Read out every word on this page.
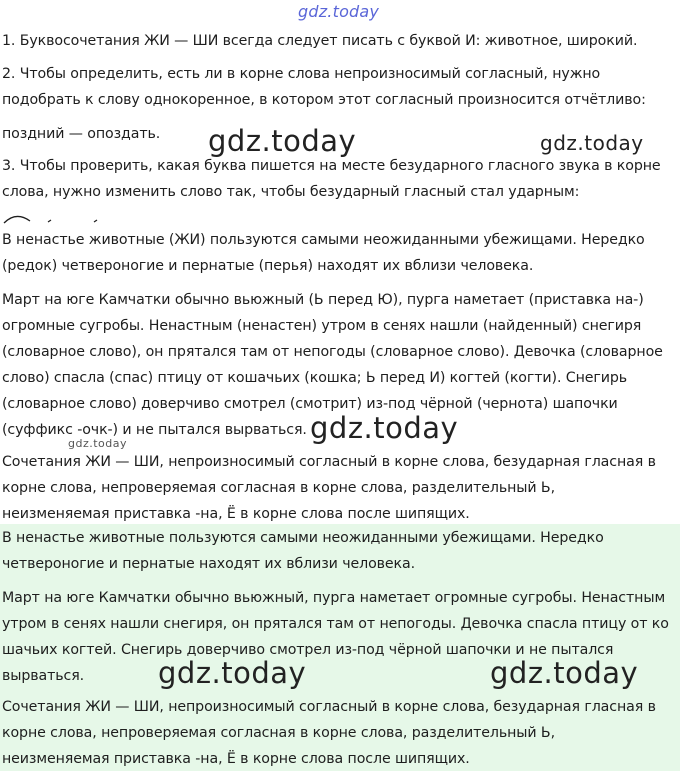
gdz.today
1. Буквосочетания ЖИ — ШИ всегда следует писать с буквой И: животное, широкий.
2. Чтобы определить, есть ли в корне слова непроизносимый согласный, нужно
подобрать к слову однокоренное, в котором этот согласный произносится отчётливо:
поздний — опоздать.
3. Чтобы проверить, какая буква пишется на месте безударного гласного звука в корне
слова, нужно изменить слово так, чтобы безударный гласный стал ударным:
В ненастье животные (ЖИ) пользуются самыми неожиданными убежищами. Нередко
(редок) четвероногие и пернатые (перья) находят их вблизи человека.
Март на юге Камчатки обычно вьюжный (Ь перед Ю), пурга наметает (приставка на-)
огромные сугробы. Ненастным (ненастен) утром в сенях нашли (найденный) снегиря
(словарное слово), он прятался там от непогоды (словарное слово). Девочка (словарное
слово) спасла (спас) птицу от кошачьих (кошка; Ь перед И) когтей (когти). Снегирь
(словарное слово) доверчиво смотрел (смотрит) из-под чёрной (чернота) шапочки
(суффикс -очк-) и не пытался вырваться.
Сочетания ЖИ — ШИ, непроизносимый согласный в корне слова, безударная гласная в
корне слова, непроверяемая согласная в корне слова, разделительный Ь,
неизменяемая приставка -на, Ё в корне слова после шипящих.
В ненастье животные пользуются самыми неожиданными убежищами. Нередко
четвероногие и пернатые находят их вблизи человека.
Март на юге Камчатки обычно вьюжный, пурга наметает огромные сугробы. Ненастным
утром в сенях нашли снегиря, он прятался там от непогоды. Девочка спасла птицу от ко
шачьих когтей. Снегирь доверчиво смотрел из-под чёрной шапочки и не пытался
вырваться.
Сочетания ЖИ — ШИ, непроизносимый согласный в корне слова, безударная гласная в
корне слова, непроверяемая согласная в корне слова, разделительный Ь,
неизменяемая приставка -на, Ё в корне слова после шипящих.
gdz.today	gdz.today
gdz.today
gdz.today
gdz.today	gdz.today
